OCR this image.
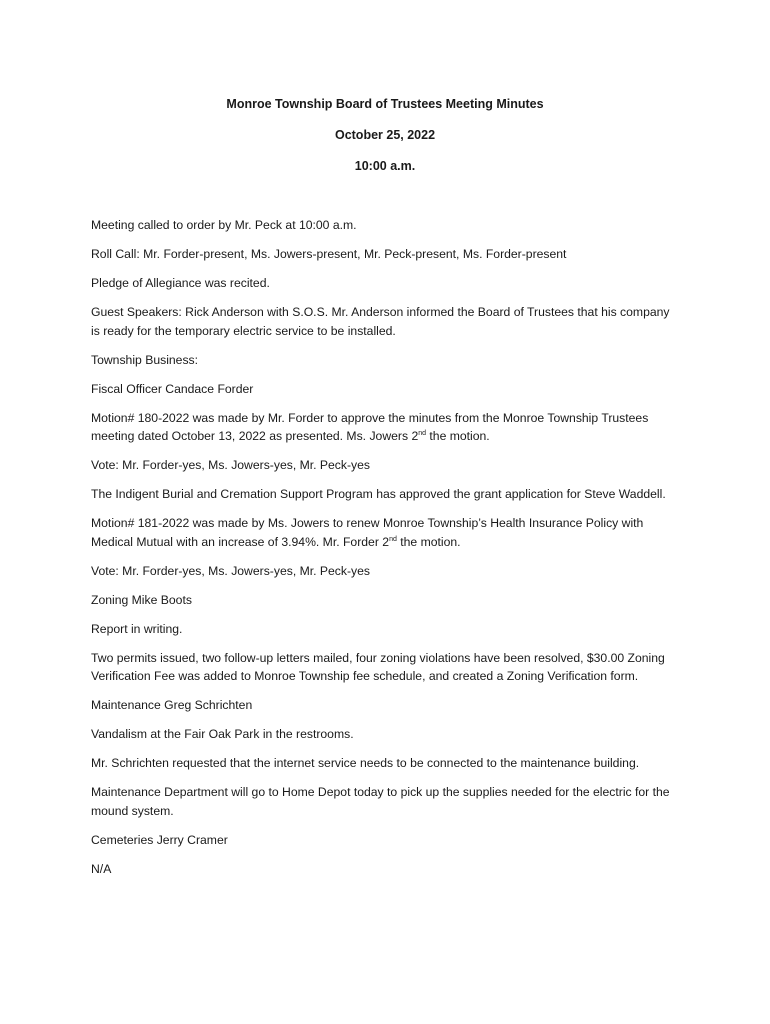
Monroe Township Board of Trustees Meeting Minutes
October 25, 2022
10:00 a.m.

Meeting called to order by Mr. Peck at 10:00 a.m.

Roll Call: Mr. Forder-present, Ms. Jowers-present, Mr. Peck-present, Ms. Forder-present

Pledge of Allegiance was recited.

Guest Speakers: Rick Anderson with S.O.S. Mr. Anderson informed the Board of Trustees that his company is ready for the temporary electric service to be installed.

Township Business:

Fiscal Officer Candace Forder

Motion# 180-2022 was made by Mr. Forder to approve the minutes from the Monroe Township Trustees meeting dated October 13, 2022 as presented. Ms. Jowers 2nd the motion.

Vote: Mr. Forder-yes, Ms. Jowers-yes, Mr. Peck-yes

The Indigent Burial and Cremation Support Program has approved the grant application for Steve Waddell.

Motion# 181-2022 was made by Ms. Jowers to renew Monroe Township’s Health Insurance Policy with Medical Mutual with an increase of 3.94%. Mr. Forder 2nd the motion.

Vote: Mr. Forder-yes, Ms. Jowers-yes, Mr. Peck-yes

Zoning Mike Boots

Report in writing.

Two permits issued, two follow-up letters mailed, four zoning violations have been resolved, $30.00 Zoning Verification Fee was added to Monroe Township fee schedule, and created a Zoning Verification form.

Maintenance Greg Schrichten

Vandalism at the Fair Oak Park in the restrooms.

Mr. Schrichten requested that the internet service needs to be connected to the maintenance building.

Maintenance Department will go to Home Depot today to pick up the supplies needed for the electric for the mound system.

Cemeteries Jerry Cramer

N/A
